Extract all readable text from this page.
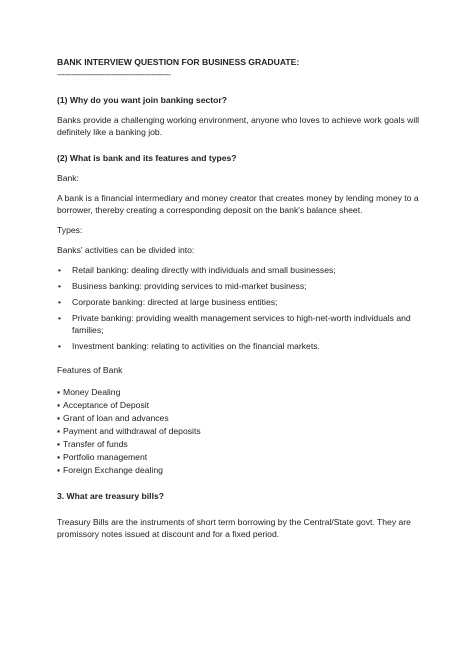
BANK INTERVIEW QUESTION FOR BUSINESS GRADUATE:
------------------------------------------------
(1) Why do you want join banking sector?
Banks provide a challenging working environment, anyone who loves to achieve work goals will definitely like a banking job.
(2) What is bank and its features and types?
Bank:
A bank is a financial intermediary and money creator that creates money by lending money to a borrower, thereby creating a corresponding deposit on the bank's balance sheet.
Types:
Banks' activities can be divided into:
• Retail banking: dealing directly with individuals and small businesses;
• Business banking: providing services to mid-market business;
• Corporate banking: directed at large business entities;
• Private banking: providing wealth management services to high-net-worth individuals and families;
• Investment banking: relating to activities on the financial markets.
Features of Bank
▪ Money Dealing
▪ Acceptance of Deposit
▪ Grant of loan and advances
▪ Payment and withdrawal of deposits
▪ Transfer of funds
▪ Portfolio management
▪ Foreign Exchange dealing
3. What are treasury bills?
Treasury Bills are the instruments of short term borrowing by the Central/State govt. They are promissory notes issued at discount and for a fixed period.
